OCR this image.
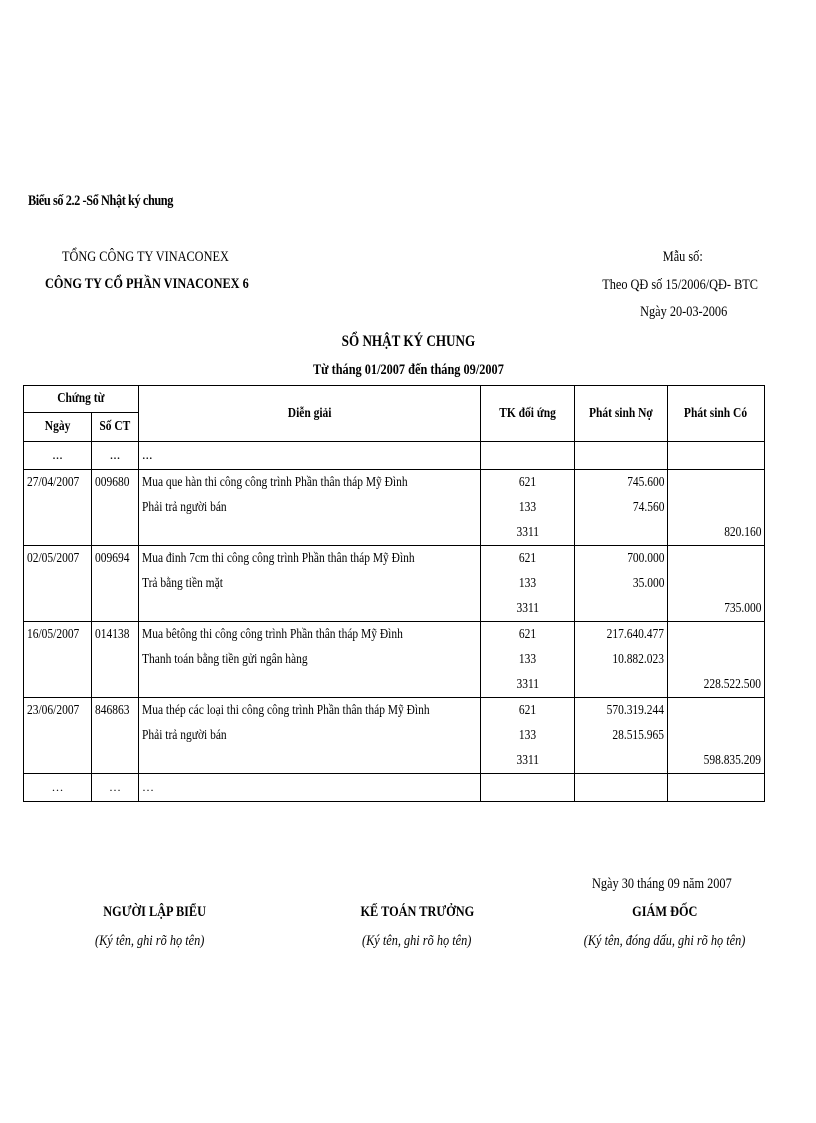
Biểu số 2.2 -Sổ Nhật ký chung
TỔNG CÔNG TY VINACONEX
CÔNG TY CỔ PHẦN VINACONEX 6
Mẫu số:
Theo QĐ số 15/2006/QĐ- BTC
Ngày 20-03-2006
SỔ NHẬT KÝ CHUNG
Từ tháng 01/2007 đến tháng 09/2007
Chứng từ		Diễn giải	TK đối ứng	Phát sinh Nợ	Phát sinh Có
Ngày	Số CT				
...	...	...			
27/04/2007	009680	Mua que hàn thi công công trình Phần thân tháp Mỹ Đình	621	745.600	
		Phải trả người bán	133	74.560	
			3311		820.160
02/05/2007	009694	Mua đinh 7cm thi công công trình Phần thân tháp Mỹ Đình	621	700.000	
		Trả bằng tiền mặt	133	35.000	
			3311		735.000
16/05/2007	014138	Mua bêtông thi công công trình Phần thân tháp Mỹ Đình	621	217.640.477	
		Thanh toán bằng tiền gửi ngân hàng	133	10.882.023	
			3311		228.522.500
23/06/2007	846863	Mua thép các loại thi công công trình Phần thân tháp Mỹ Đình	621	570.319.244	
		Phải trả người bán	133	28.515.965	
			3311		598.835.209
…	…	…			
Ngày 30 tháng 09 năm 2007
NGƯỜI LẬP BIỂU
(Ký tên, ghi rõ họ tên)
KẾ TOÁN TRƯỞNG
(Ký tên, ghi rõ họ tên)
GIÁM ĐỐC
(Ký tên, đóng dấu, ghi rõ họ tên)
